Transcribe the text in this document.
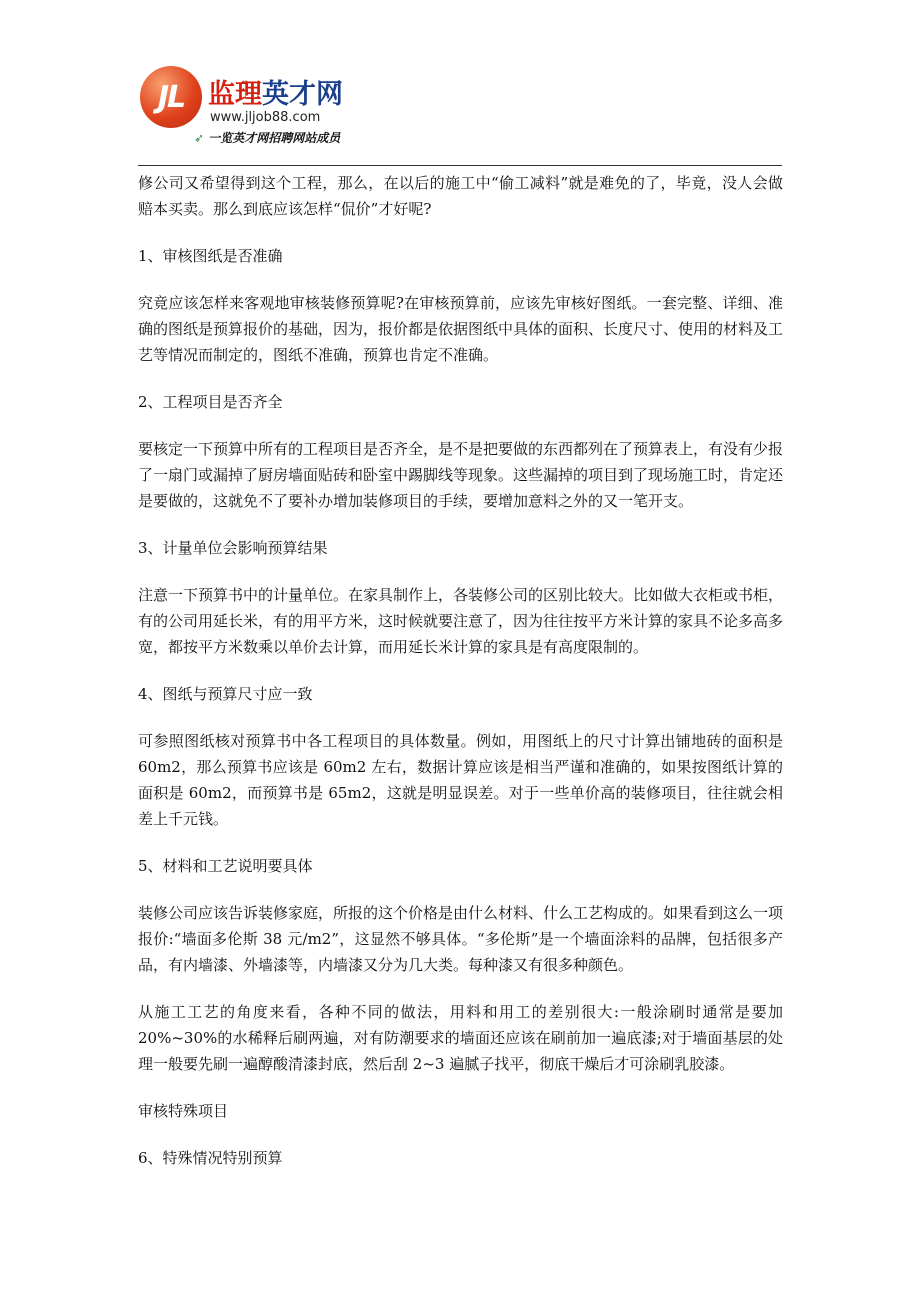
JL 监理英才网
www.jljob88.com
➶ 一览英才网招聘网站成员

修公司又希望得到这个工程，那么，在以后的施工中“偷工减料”就是难免的了，毕竟，没人会做赔本买卖。那么到底应该怎样“侃价”才好呢?

1、审核图纸是否准确

究竟应该怎样来客观地审核装修预算呢?在审核预算前，应该先审核好图纸。一套完整、详细、准确的图纸是预算报价的基础，因为，报价都是依据图纸中具体的面积、长度尺寸、使用的材料及工艺等情况而制定的，图纸不准确，预算也肯定不准确。

2、工程项目是否齐全

要核定一下预算中所有的工程项目是否齐全，是不是把要做的东西都列在了预算表上，有没有少报了一扇门或漏掉了厨房墙面贴砖和卧室中踢脚线等现象。这些漏掉的项目到了现场施工时，肯定还是要做的，这就免不了要补办增加装修项目的手续，要增加意料之外的又一笔开支。

3、计量单位会影响预算结果

注意一下预算书中的计量单位。在家具制作上，各装修公司的区别比较大。比如做大衣柜或书柜，有的公司用延长米，有的用平方米，这时候就要注意了，因为往往按平方米计算的家具不论多高多宽，都按平方米数乘以单价去计算，而用延长米计算的家具是有高度限制的。

4、图纸与预算尺寸应一致

可参照图纸核对预算书中各工程项目的具体数量。例如，用图纸上的尺寸计算出铺地砖的面积是 60m2，那么预算书应该是 60m2 左右，数据计算应该是相当严谨和准确的，如果按图纸计算的面积是 60m2，而预算书是 65m2，这就是明显误差。对于一些单价高的装修项目，往往就会相差上千元钱。

5、材料和工艺说明要具体

装修公司应该告诉装修家庭，所报的这个价格是由什么材料、什么工艺构成的。如果看到这么一项报价:“墙面多伦斯 38 元/m2”，这显然不够具体。“多伦斯”是一个墙面涂料的品牌，包括很多产品，有内墙漆、外墙漆等，内墙漆又分为几大类。每种漆又有很多种颜色。

从施工工艺的角度来看，各种不同的做法，用料和用工的差别很大:一般涂刷时通常是要加 20%~30%的水稀释后刷两遍，对有防潮要求的墙面还应该在刷前加一遍底漆;对于墙面基层的处理一般要先刷一遍醇酸清漆封底，然后刮 2~3 遍腻子找平，彻底干燥后才可涂刷乳胶漆。

审核特殊项目

6、特殊情况特别预算
